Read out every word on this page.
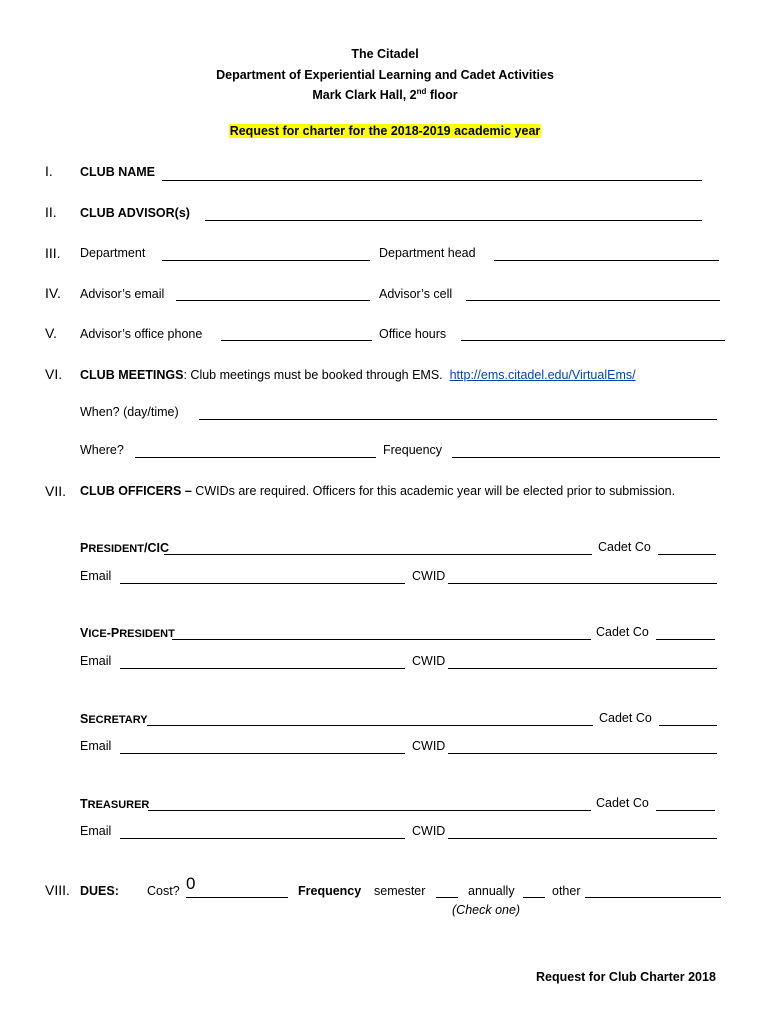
The Citadel
Department of Experiential Learning and Cadet Activities
Mark Clark Hall, 2nd floor
Request for charter for the 2018-2019 academic year
I. CLUB NAME
II. CLUB ADVISOR(s)
III. Department	Department head
IV. Advisor’s email	Advisor’s cell
V. Advisor’s office phone	Office hours
VI. CLUB MEETINGS: Club meetings must be booked through EMS. http://ems.citadel.edu/VirtualEms/
When? (day/time)
Where?	Frequency
VII. CLUB OFFICERS – CWIDs are required. Officers for this academic year will be elected prior to submission.
PRESIDENT/CIC	Cadet Co
Email	CWID
VICE-PRESIDENT	Cadet Co
Email	CWID
SECRETARY	Cadet Co
Email	CWID
TREASURER	Cadet Co
Email	CWID
VIII. DUES: Cost? 0	Frequency semester	annually	other
(Check one)
Request for Club Charter 2018
